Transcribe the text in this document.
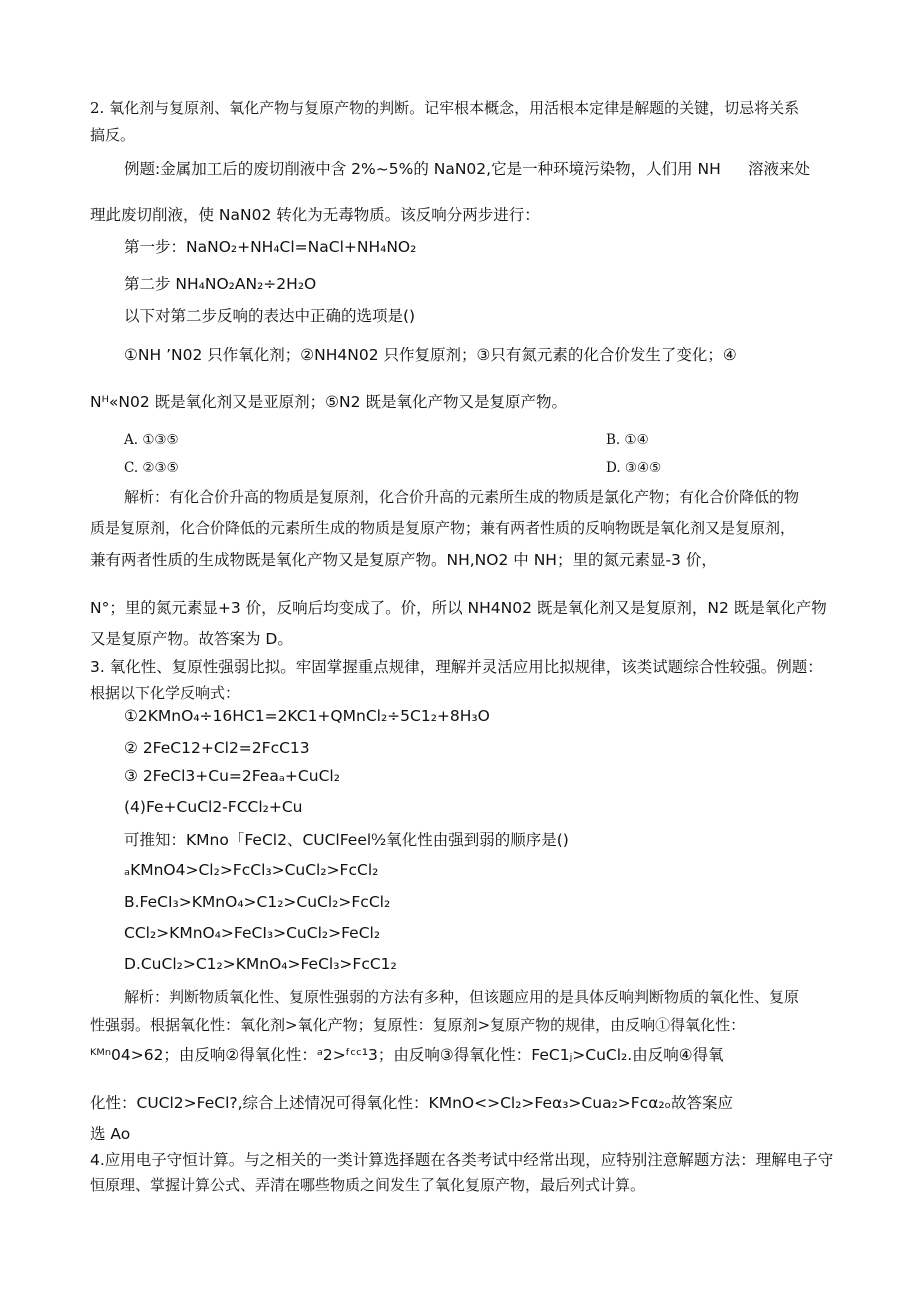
2. 氧化剂与复原剂、氧化产物与复原产物的判断。记牢根本概念，用活根本定律是解题的关键，切忌将关系
搞反。
例题:金属加工后的废切削液中含 2%~5%的 NaN02,它是一种环境污染物，人们用 NH 溶液来处
理此废切削液，使 NaN02 转化为无毒物质。该反响分两步进行：
第一步：NaNO₂+NH₄Cl=NaCl+NH₄NO₂
第二步 NH₄NO₂AN₂÷2H₂O
以下对第二步反响的表达中正确的选项是()
①NH ’N02 只作氧化剂；②NH4N02 只作复原剂；③只有氮元素的化合价发生了变化；④
Nᴴ«N02 既是氧化剂又是亚原剂；⑤N2 既是氧化产物又是复原产物。
A. ①③⑤	B. ①④
C. ②③⑤	D. ③④⑤
解析：有化合价升高的物质是复原剂，化合价升高的元素所生成的物质是氯化产物；有化合价降低的物
质是复原剂，化合价降低的元素所生成的物质是复原产物；兼有两者性质的反响物既是氧化剂又是复原剂，
兼有两者性质的生成物既是氧化产物又是复原产物。NH,NO2 中 NH；里的氮元素显-3 价，
N°；里的氮元素显+3 价，反响后均变成了。价，所以 NH4N02 既是氧化剂又是复原剂，N2 既是氧化产物
又是复原产物。故答案为 D。
3. 氧化性、复原性强弱比拟。牢固掌握重点规律，理解并灵活应用比拟规律，该类试题综合性较强。例题：
根据以下化学反响式：
①2KMnO₄÷16HC1=2KC1+QMnCl₂÷5C1₂+8H₃O
② 2FeC12+Cl2=2FcC13
③ 2FeCl3+Cu=2Feaₐ+CuCl₂
(4)Fe+CuCl2-FCCl₂+Cu
可推知：KMno「FeCl2、CUClFeel⁰⁄₂氧化性由强到弱的顺序是()
ₐKMnO4>Cl₂>FcCl₃>CuCl₂>FcCl₂
B.FeCI₃>KMnO₄>C1₂>CuCl₂>FcCl₂
CCl₂>KMnO₄>FeCI₃>CuCl₂>FeCl₂
D.CuCl₂>C1₂>KMnO₄>FeCl₃>FcC1₂
解析：判断物质氧化性、复原性强弱的方法有多种，但该题应用的是具体反响判断物质的氧化性、复原
性强弱。根据氧化性：氧化剂>氧化产物；复原性：复原剂>复原产物的规律，由反响①得氧化性：
ᴷᴹⁿ04>62；由反响②得氧化性：ᵃ2>ᶠᶜᶜ¹3；由反响③得氧化性：FeC1ⱼ>CuCl₂.由反响④得氧
化性：CUCl2>FeCl?,综合上述情况可得氧化性：KMnO<>Cl₂>Feα₃>Cua₂>Fcα₂ₒ故答案应
选 Ao
4.应用电子守恒计算。与之相关的一类计算选择题在各类考试中经常出现，应特别注意解题方法：理解电子守
恒原理、掌握计算公式、弄清在哪些物质之间发生了氧化复原产物，最后列式计算。
